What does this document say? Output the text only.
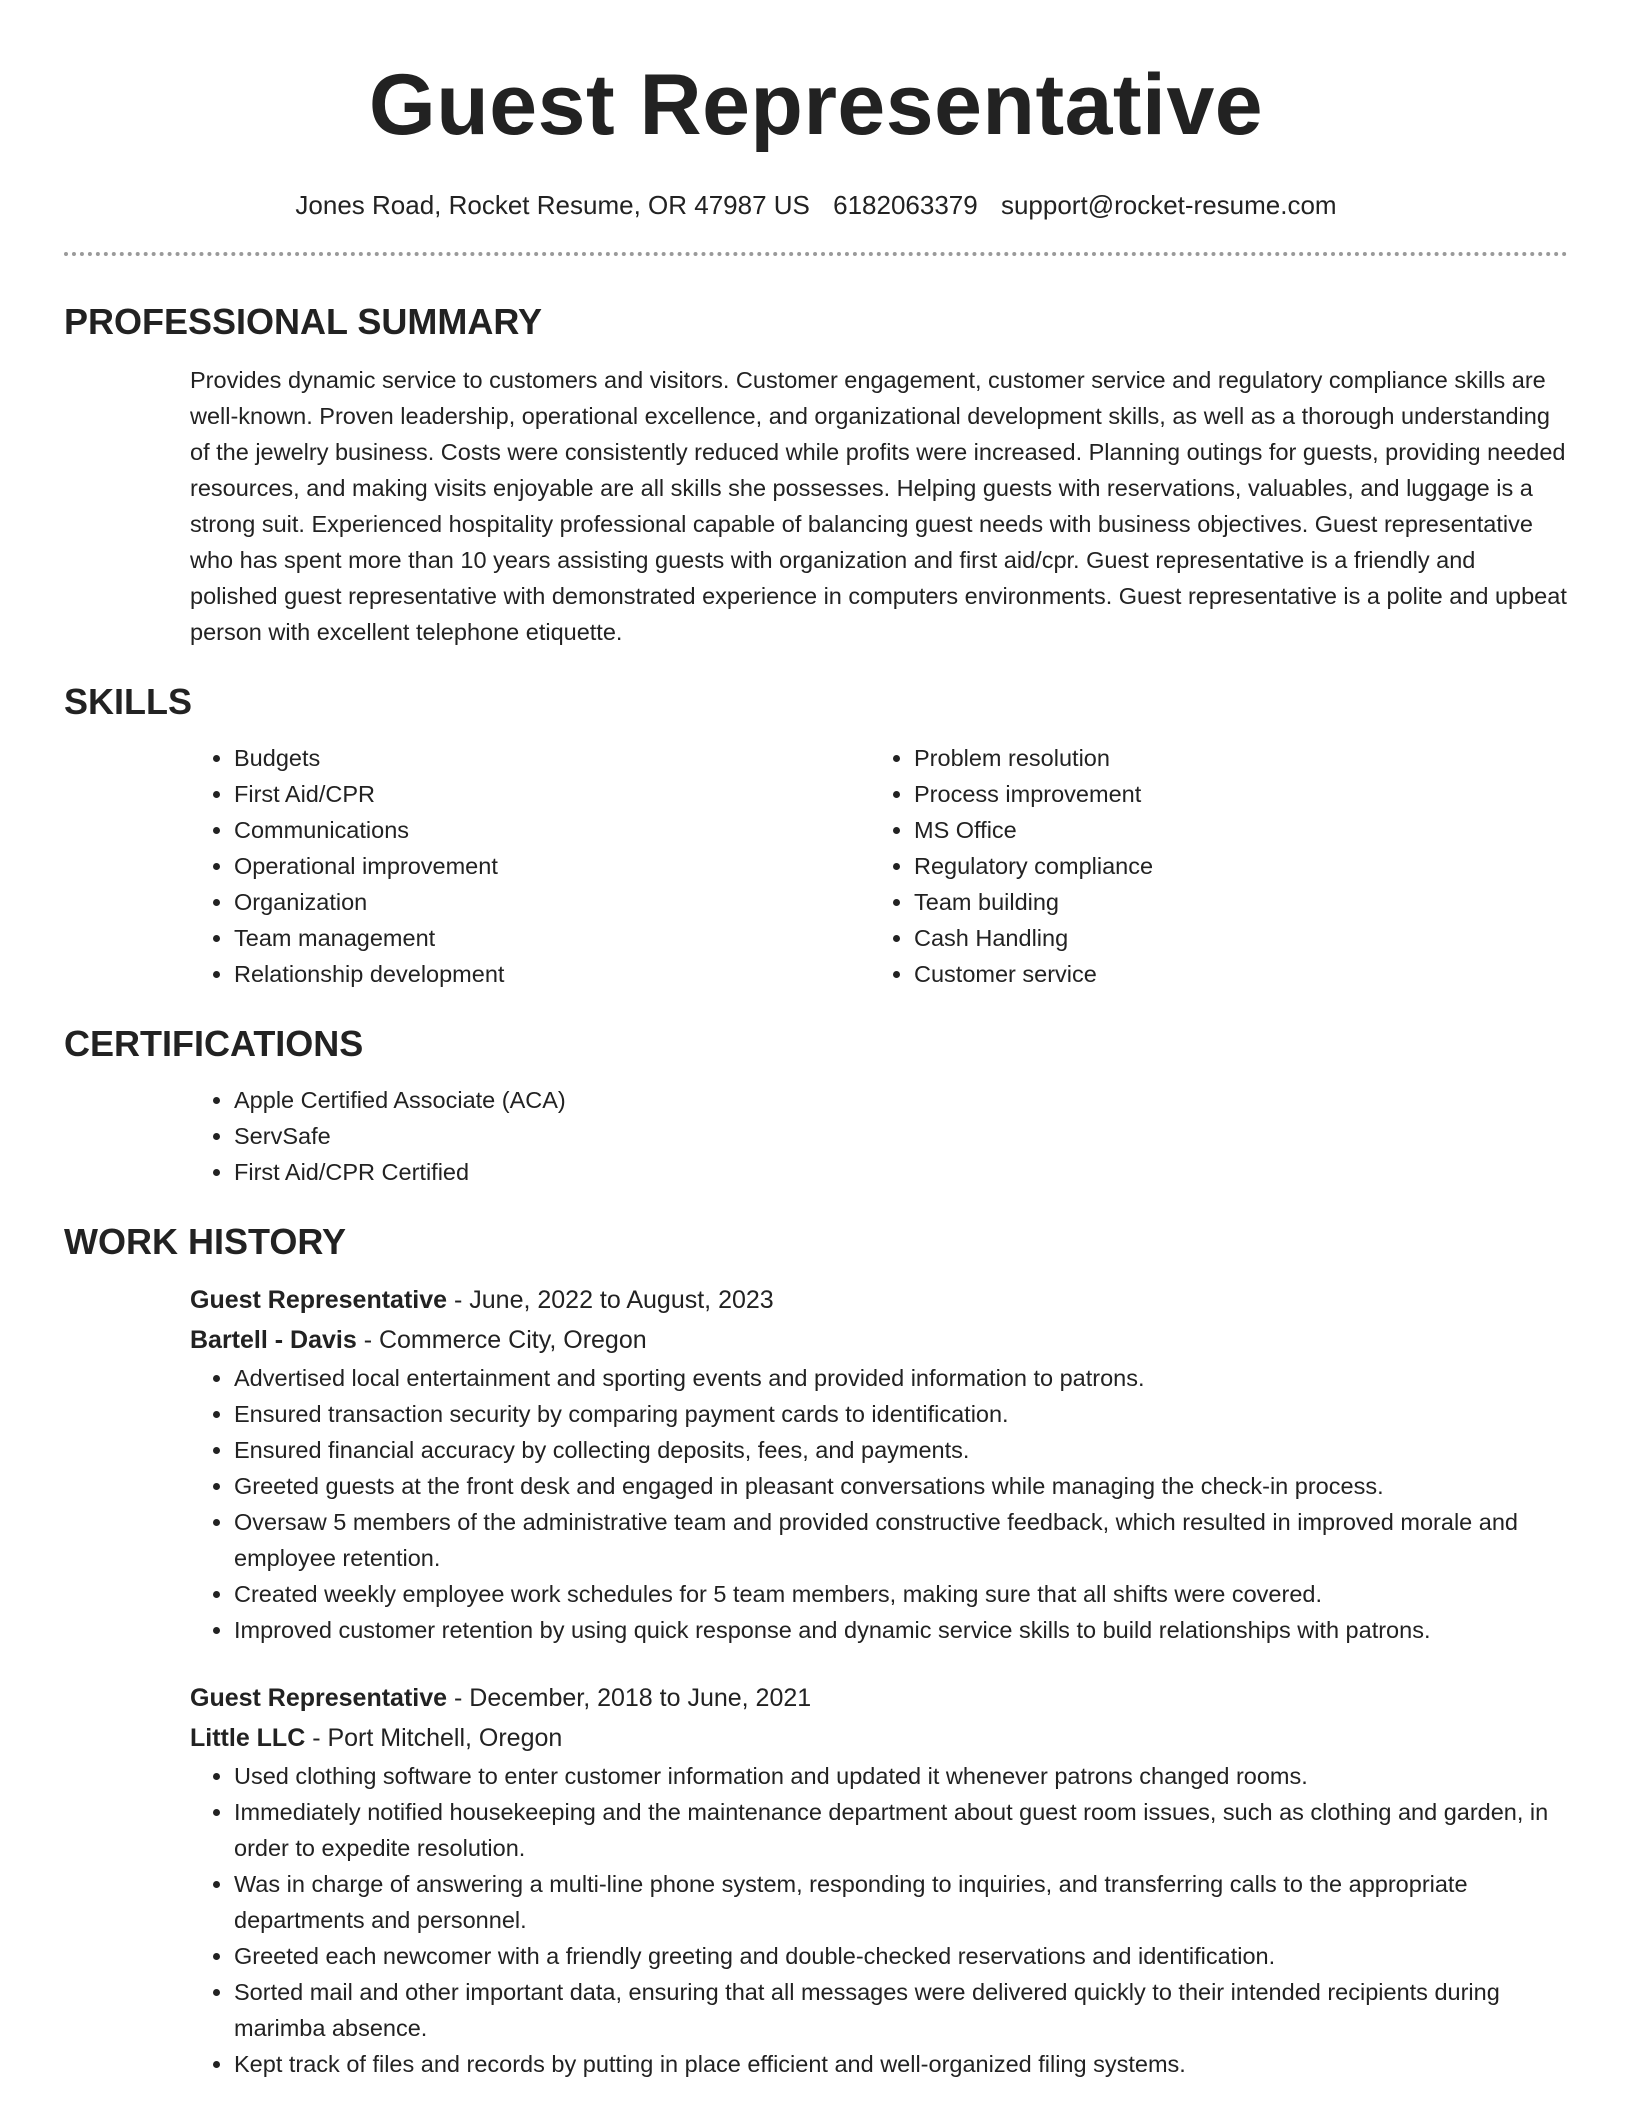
Guest Representative
Jones Road, Rocket Resume, OR 47987 US 6182063379 support@rocket-resume.com
PROFESSIONAL SUMMARY
Provides dynamic service to customers and visitors. Customer engagement, customer service and regulatory compliance skills are well-known. Proven leadership, operational excellence, and organizational development skills, as well as a thorough understanding of the jewelry business. Costs were consistently reduced while profits were increased. Planning outings for guests, providing needed resources, and making visits enjoyable are all skills she possesses. Helping guests with reservations, valuables, and luggage is a strong suit. Experienced hospitality professional capable of balancing guest needs with business objectives. Guest representative who has spent more than 10 years assisting guests with organization and first aid/cpr. Guest representative is a friendly and polished guest representative with demonstrated experience in computers environments. Guest representative is a polite and upbeat person with excellent telephone etiquette.
SKILLS
• Budgets
• First Aid/CPR
• Communications
• Operational improvement
• Organization
• Team management
• Relationship development
• Problem resolution
• Process improvement
• MS Office
• Regulatory compliance
• Team building
• Cash Handling
• Customer service
CERTIFICATIONS
• Apple Certified Associate (ACA)
• ServSafe
• First Aid/CPR Certified
WORK HISTORY
Guest Representative - June, 2022 to August, 2023
Bartell - Davis - Commerce City, Oregon
• Advertised local entertainment and sporting events and provided information to patrons.
• Ensured transaction security by comparing payment cards to identification.
• Ensured financial accuracy by collecting deposits, fees, and payments.
• Greeted guests at the front desk and engaged in pleasant conversations while managing the check-in process.
• Oversaw 5 members of the administrative team and provided constructive feedback, which resulted in improved morale and employee retention.
• Created weekly employee work schedules for 5 team members, making sure that all shifts were covered.
• Improved customer retention by using quick response and dynamic service skills to build relationships with patrons.
Guest Representative - December, 2018 to June, 2021
Little LLC - Port Mitchell, Oregon
• Used clothing software to enter customer information and updated it whenever patrons changed rooms.
• Immediately notified housekeeping and the maintenance department about guest room issues, such as clothing and garden, in order to expedite resolution.
• Was in charge of answering a multi-line phone system, responding to inquiries, and transferring calls to the appropriate departments and personnel.
• Greeted each newcomer with a friendly greeting and double-checked reservations and identification.
• Sorted mail and other important data, ensuring that all messages were delivered quickly to their intended recipients during marimba absence.
• Kept track of files and records by putting in place efficient and well-organized filing systems.
